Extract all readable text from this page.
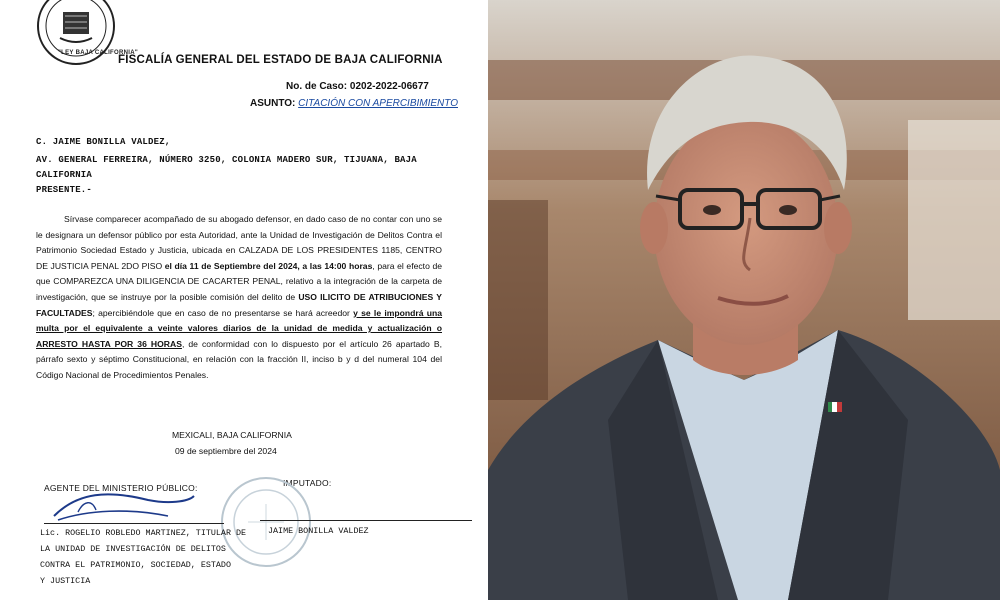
"LEY BAJA CALIFORNIA"
FISCALÍA GENERAL DEL ESTADO DE BAJA CALIFORNIA
No. de Caso: 0202-2022-06677
ASUNTO: CITACIÓN CON APERCIBIMIENTO
C. JAIME BONILLA VALDEZ,
AV. GENERAL FERREIRA, NÚMERO 3250, COLONIA MADERO SUR, TIJUANA, BAJA
CALIFORNIA
PRESENTE.-
Sírvase comparecer acompañado de su abogado defensor, en dado caso de no contar con uno se le designara un defensor público por esta Autoridad, ante la Unidad de Investigación de Delitos Contra el Patrimonio Sociedad Estado y Justicia, ubicada en CALZADA DE LOS PRESIDENTES 1185, CENTRO DE JUSTICIA PENAL 2DO PISO el día 11 de Septiembre del 2024, a las 14:00 horas, para el efecto de que COMPAREZCA UNA DILIGENCIA DE CACARTER PENAL, relativo a la integración de la carpeta de investigación, que se instruye por la posible comisión del delito de USO ILICITO DE ATRIBUCIONES Y FACULTADES; apercibiéndole que en caso de no presentarse se hará acreedor y se le impondrá una multa por el equivalente a veinte valores diarios de la unidad de medida y actualización o ARRESTO HASTA POR 36 HORAS, de conformidad con lo dispuesto por el artículo 26 apartado B, párrafo sexto y séptimo Constitucional, en relación con la fracción II, inciso b y d del numeral 104 del Código Nacional de Procedimientos Penales.
MEXICALI, BAJA CALIFORNIA
09 de septiembre del 2024
AGENTE DEL MINISTERIO PÚBLICO:	IMPUTADO:
Lic. ROGELIO ROBLEDO MARTINEZ, TITULAR DE
LA UNIDAD DE INVESTIGACIÓN DE DELITOS
CONTRA EL PATRIMONIO, SOCIEDAD, ESTADO
Y JUSTICIA
JAIME BONILLA VALDEZ
